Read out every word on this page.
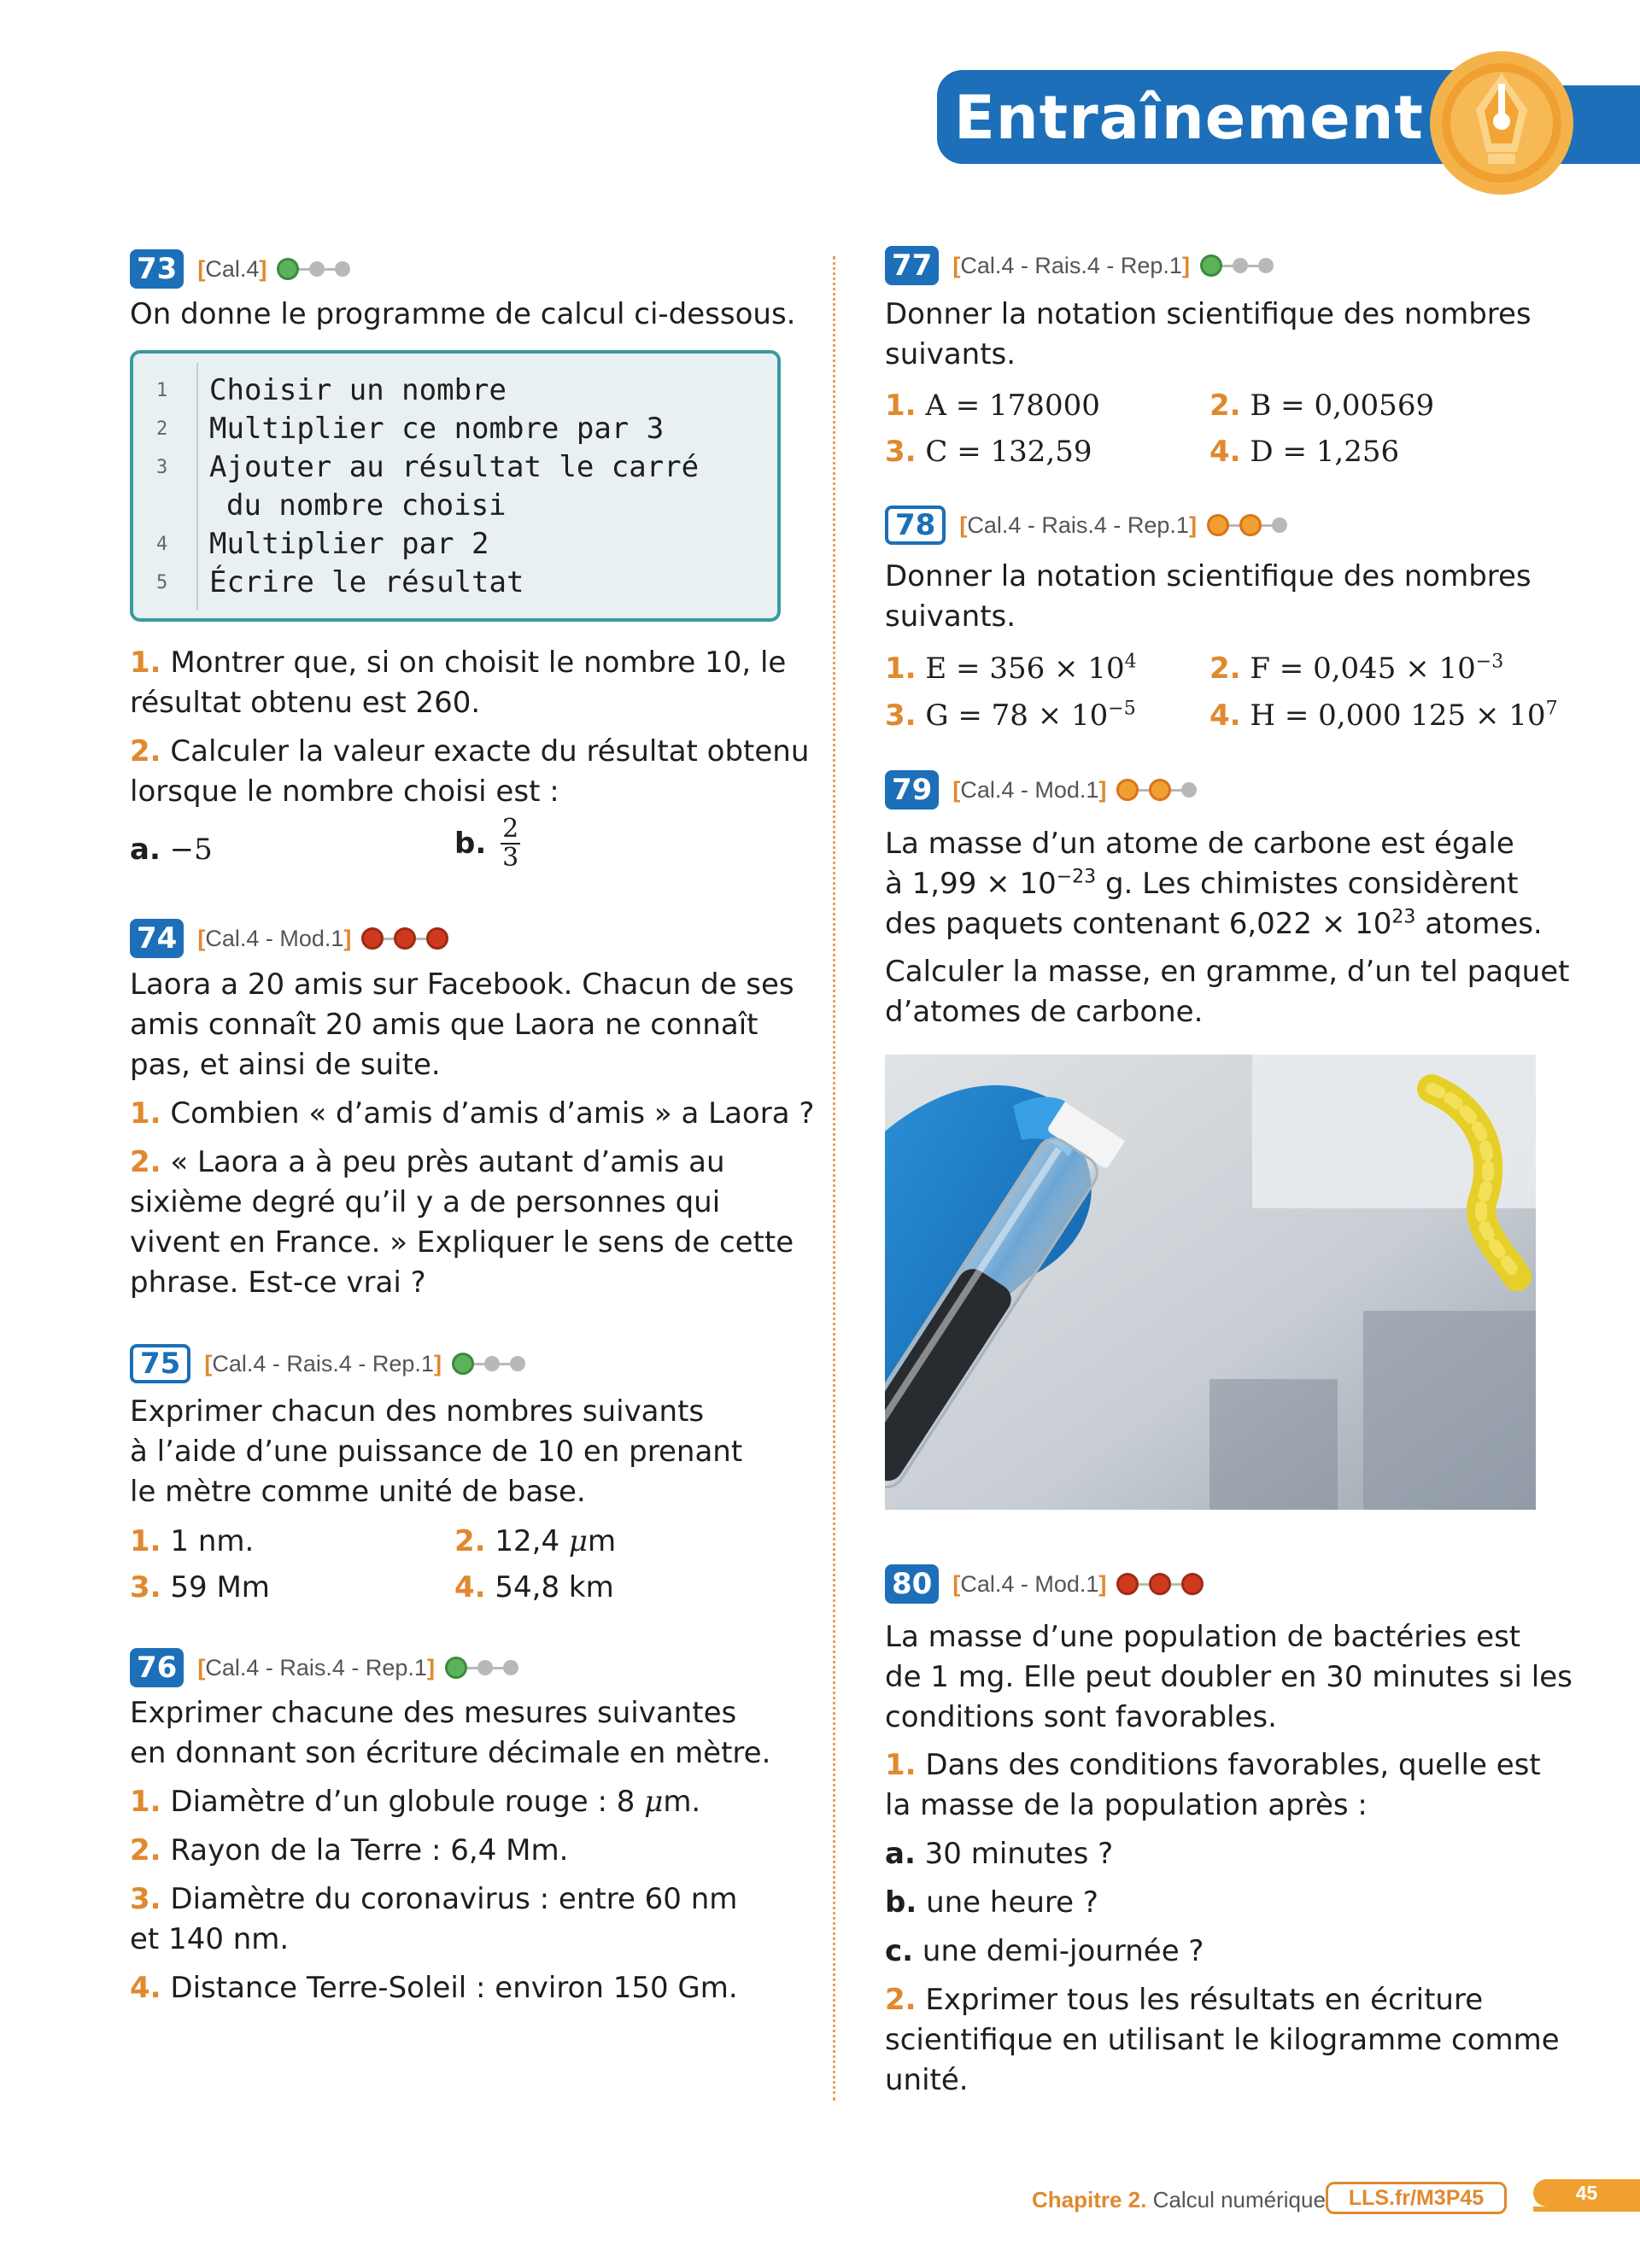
Entraînement
73 [Cal.4]
On donne le programme de calcul ci-dessous.
1 Choisir un nombre
2 Multiplier ce nombre par 3
3 Ajouter au résultat le carré
du nombre choisi
4 Multiplier par 2
5 Écrire le résultat
1. Montrer que, si on choisit le nombre 10, le
résultat obtenu est 260.
2. Calculer la valeur exacte du résultat obtenu
lorsque le nombre choisi est :
a. −5	b. $\frac{2}{3}$
74 [Cal.4 - Mod.1]
Laora a 20 amis sur Facebook. Chacun de ses
amis connaît 20 amis que Laora ne connaît
pas, et ainsi de suite.
1. Combien « d’amis d’amis d’amis » a Laora ?
2. « Laora a à peu près autant d’amis au
sixième degré qu’il y a de personnes qui
vivent en France. » Expliquer le sens de cette
phrase. Est-ce vrai ?
75	[Cal.4 - Rais.4 - Rep.1]
Exprimer chacun des nombres suivants
à l’aide d’une puissance de 10 en prenant
le mètre comme unité de base.
1. 1 nm.	2. 12,4 μm
3. 59 Mm	4. 54,8 km
76 [Cal.4 - Rais.4 - Rep.1]
Exprimer chacune des mesures suivantes
en donnant son écriture décimale en mètre.
1. Diamètre d’un globule rouge : 8 μm.
2. Rayon de la Terre : 6,4 Mm.
3. Diamètre du coronavirus : entre 60 nm
et 140 nm.
4. Distance Terre-Soleil : environ 150 Gm.
77 [Cal.4 - Rais.4 - Rep.1]
Donner la notation scientifique des nombres
suivants.
1. A = 178000	2. B = 0,00569
3. C = 132,59	4. D = 1,256
78	[Cal.4 - Rais.4 - Rep.1]
Donner la notation scientifique des nombres
suivants.
1. $E = 356 \times 10^4$	2. $F = 0,045 \times 10^{-3}$
3. $G = 78 \times 10^{-5}$	4. H = 0,000 $125 \times 10^7$
79 [Cal.4 - Mod.1]
La masse d’un atome de carbone est égale
à $1,99 \times 10^{-23}$ g. Les chimistes considèrent
des paquets contenant $6,022 \times 10^{23}$ atomes.
Calculer la masse, en gramme, d’un tel paquet
d’atomes de carbone.
80 [Cal.4 - Mod.1]
La masse d’une population de bactéries est
de 1 mg. Elle peut doubler en 30 minutes si les
conditions sont favorables.
1. Dans des conditions favorables, quelle est
la masse de la population après :
a. 30 minutes ?
b. une heure ?
c. une demi-journée ?
2. Exprimer tous les résultats en écriture
scientifique en utilisant le kilogramme comme
unité.
Chapitre 2. Calcul numérique	LLS.fr/M3P45	45
